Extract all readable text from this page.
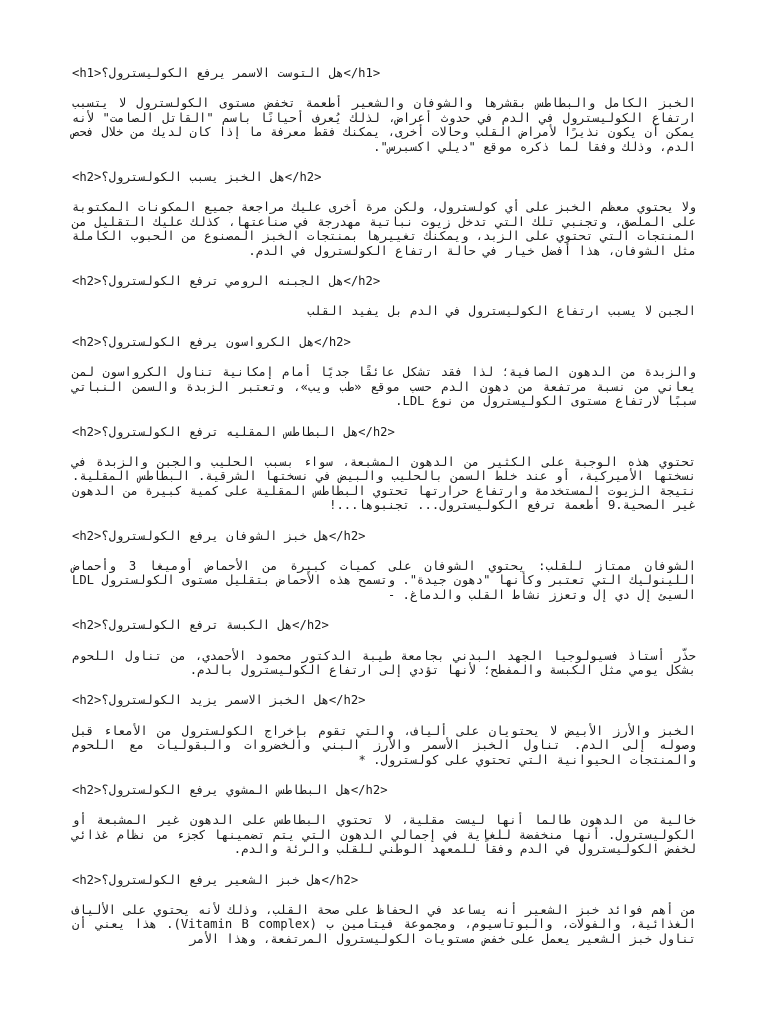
<h1>هل التوست الاسمر يرفع الكوليسترول؟</h1>

الخبز الكامل والبطاطس بقشرها والشوفان والشعير أطعمة تخفض مستوى الكولسترول لا يتسبب ارتفاع الكوليسترول في الدم في حدوث أعراض، لذلك يُعرف أحيانًا باسم "القاتل الصامت" لأنه يمكن أن يكون نذيرًا لأمراض القلب وحالات أخرى، يمكنك فقط معرفة ما إذا كان لديك من خلال فحص الدم، وذلك وفقا لما ذكره موقع "ديلي اكسبرس".

<h2>هل الخبز يسبب الكولسترول؟</h2>

ولا يحتوي معظم الخبز على أي كولسترول، ولكن مرة أخرى عليك مراجعة جميع المكونات المكتوبة على الملصق، وتجنبي تلك التي تدخل زيوت نباتية مهدرجة في صناعتها، كذلك عليك التقليل من المنتجات التي تحتوي على الزبد، ويمكنك تغييرها بمنتجات الخبز المصنوع من الحبوب الكاملة مثل الشوفان، هذا أفضل خيار في حالة ارتفاع الكولسترول في الدم.

<h2>هل الجبنه الرومي ترفع الكولسترول؟</h2>

الجبن لا يسبب ارتفاع الكوليسترول في الدم بل يفيد القلب

<h2>هل الكرواسون يرفع الكولسترول؟</h2>

والزبدة من الدهون الصافية؛ لذا فقد تشكل عائقًا جديًا أمام إمكانية تناول الكرواسون لمن يعاني من نسبة مرتفعة من دهون الدم حسب موقع «طب ويب»، وتعتبر الزبدة والسمن النباتي سببًا لارتفاع مستوى الكوليسترول من نوع LDL.

<h2>هل البطاطس المقليه ترفع الكولسترول؟</h2>

تحتوي هذه الوجبة على الكثير من الدهون المشبعة، سواء بسبب الحليب والجبن والزبدة في نسختها الأميركية، أو عند خلط السمن بالحليب والبيض في نسختها الشرقية. البطاطس المقلية. نتيجة الزيوت المستخدمة وارتفاع حرارتها تحتوي البطاطس المقلية على كمية كبيرة من الدهون غير الصحية.9 أطعمة ترفع الكوليسترول... تجنبوها...!

<h2>هل خبز الشوفان يرفع الكولسترول؟</h2>

الشوفان ممتاز للقلب: يحتوي الشوفان على كميات كبيرة من الأحماض أوميغا 3 وأحماض اللينوليك التي تعتبر وكأنها "دهون جيدة". وتسمح هذه الأحماض بتقليل مستوى الكولسترول LDL السيئ إل دي إل وتعزز نشاط القلب والدماغ. -

<h2>هل الكبسة ترفع الكولسترول؟</h2>

حذّر أستاذ فسيولوجيا الجهد البدني بجامعة طيبة الدكتور محمود الأحمدي، من تناول اللحوم بشكل يومي مثل الكبسة والمفطح؛ لأنها تؤدي إلى ارتفاع الكوليسترول بالدم.

<h2>هل الخبز الاسمر يزيد الكولسترول؟</h2>

الخبز والأرز الأبيض لا يحتويان على ألياف، والتي تقوم بإخراج الكولسترول من الأمعاء قبل وصوله إلى الدم. تناول الخبز الأسمر والأرز البني والخضروات والبقوليات مع اللحوم والمنتجات الحيوانية التي تحتوي على كولسترول. *

<h2>هل البطاطس المشوي يرفع الكولسترول؟</h2>

خالية من الدهون طالما أنها ليست مقلية، لا تحتوي البطاطس على الدهون غير المشبعة أو الكوليسترول. أنها منخفضة للغاية في إجمالي الدهون التي يتم تضمينها كجزء من نظام غذائي لخفض الكوليسترول في الدم وفقاً للمعهد الوطني للقلب والرئة والدم.

<h2>هل خبز الشعير يرفع الكولسترول؟</h2>

من أهم فوائد خبز الشعير أنه يساعد في الحفاظ على صحة القلب، وذلك لأنه يحتوي على الألياف الغذائية، والفولات، والبوتاسيوم، ومجموعة فيتامين ب (Vitamin B complex). هذا يعني أن تناول خبز الشعير يعمل على خفض مستويات الكوليسترول المرتفعة، وهذا الأمر
